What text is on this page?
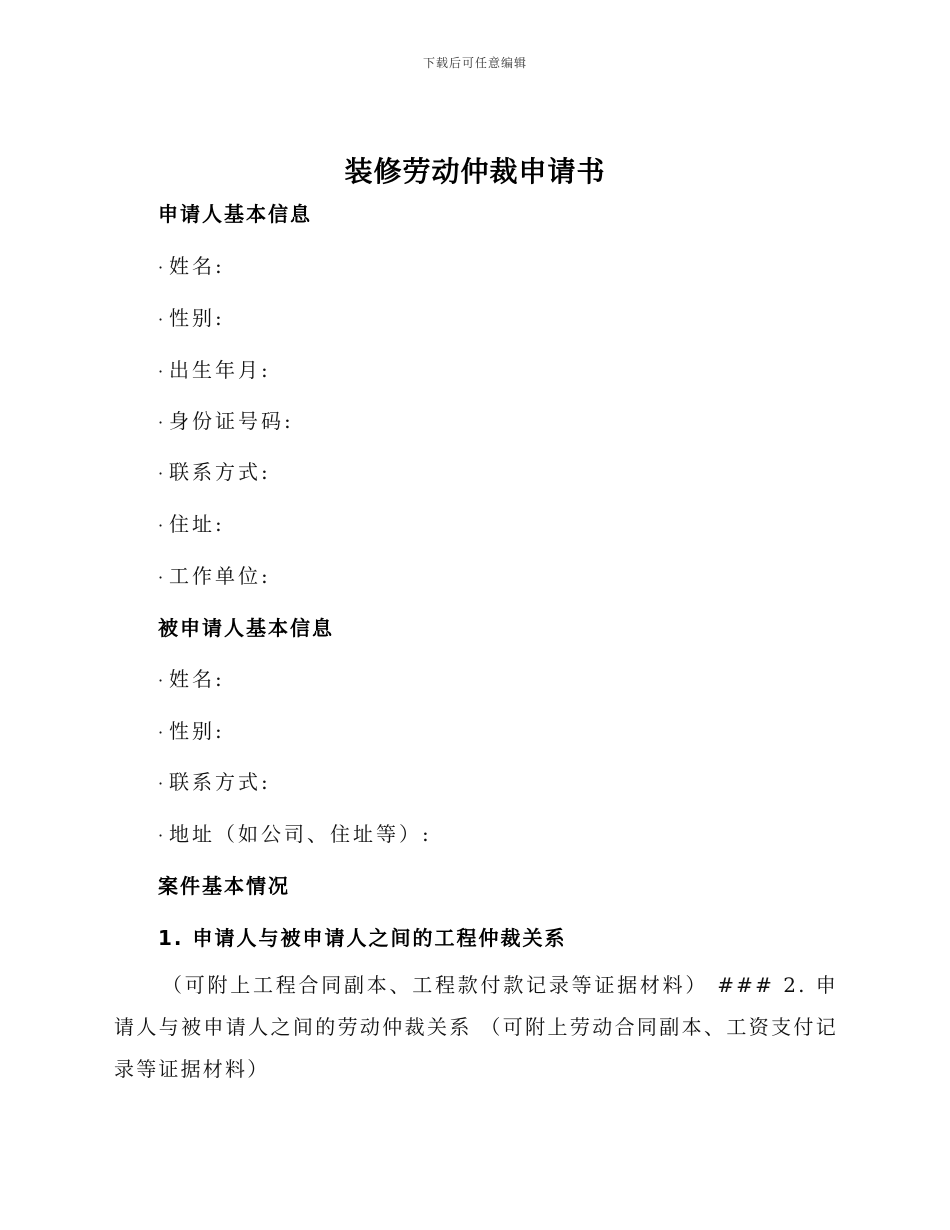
下载后可任意编辑
装修劳动仲裁申请书
申请人基本信息
· 姓名:
· 性别:
· 出生年月:
· 身份证号码:
· 联系方式:
· 住址:
· 工作单位:
被申请人基本信息
· 姓名:
· 性别:
· 联系方式:
· 地址（如公司、住址等）:
案件基本情况
1. 申请人与被申请人之间的工程仲裁关系
（可附上工程合同副本、工程款付款记录等证据材料） ### 2. 申请人与被申请人之间的劳动仲裁关系 （可附上劳动合同副本、工资支付记录等证据材料）
